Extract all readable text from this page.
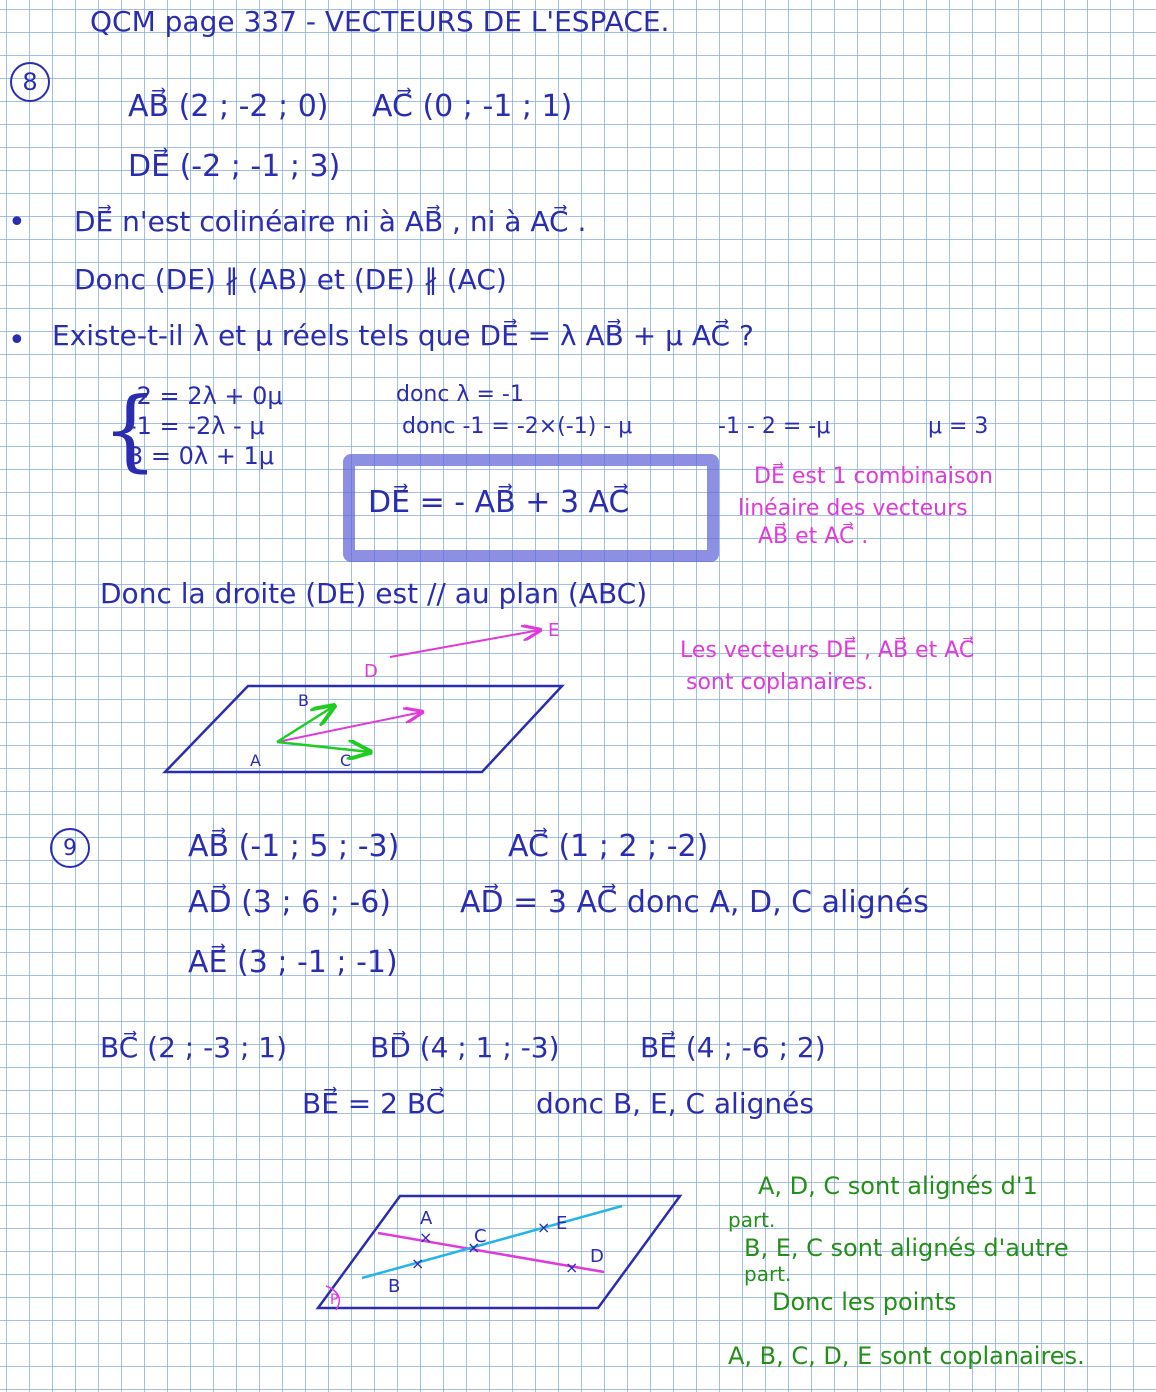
QCM page 337 - VECTEURS DE L'ESPACE.
8
AB⃗ (2 ; -2 ; 0) AC⃗ (0 ; -1 ; 1)
DE⃗ (-2 ; -1 ; 3)
• DE⃗ n'est colinéaire ni à AB⃗ , ni à AC⃗ .
Donc (DE) ∦ (AB) et (DE) ∦ (AC)
• Existe-t-il λ et μ réels tels que DE⃗ = λ AB⃗ + μ AC⃗ ?
{
-2 = 2λ + 0μ
-1 = -2λ - μ
3 = 0λ + 1μ
donc λ = -1
donc -1 = -2×(-1) - μ	-1 - 2 = -μ	μ = 3
DE⃗ = - AB⃗ + 3 AC⃗
DE⃗ est 1 combinaison
linéaire des vecteurs
AB⃗ et AC⃗ .
Donc la droite (DE) est // au plan (ABC)
Les vecteurs DE⃗ , AB⃗ et AC⃗
sont coplanaires.
B
A	C
D
E
9	AB⃗ (-1 ; 5 ; -3)	AC⃗ (1 ; 2 ; -2)
AD⃗ (3 ; 6 ; -6) AD⃗ = 3 AC⃗ donc A, D, C alignés
AE⃗ (3 ; -1 ; -1)
BC⃗ (2 ; -3 ; 1)	BD⃗ (4 ; 1 ; -3)	BE⃗ (4 ; -6 ; 2)
BE⃗ = 2 BC⃗	donc B, E, C alignés
A, D, C sont alignés d'1
part.
B, E, C sont alignés d'autre
part.
Donc les points
A, B, C, D, E sont coplanaires.
×
×
×
×
×
A
C
E
D
B
P
